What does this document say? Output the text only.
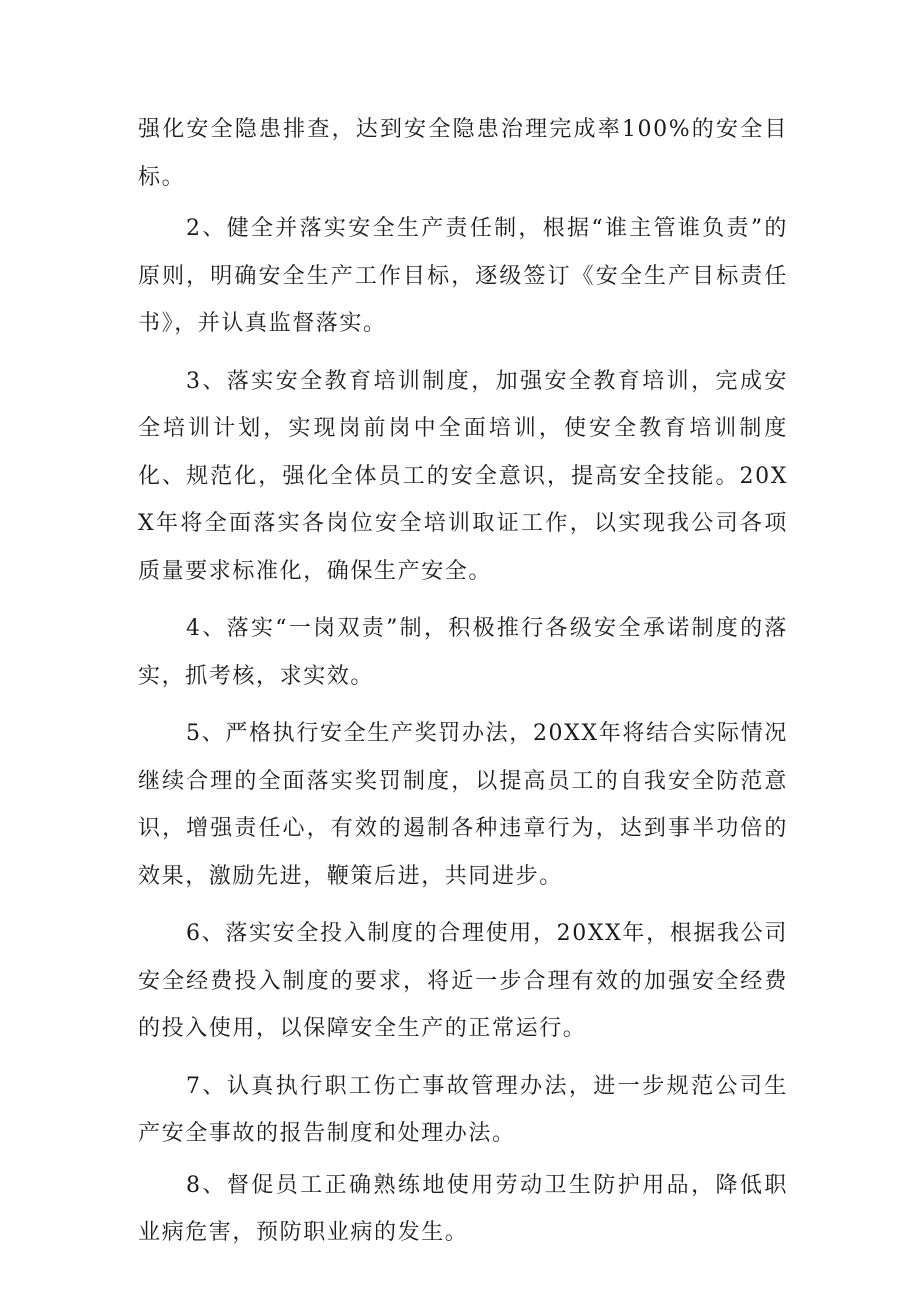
强化安全隐患排查，达到安全隐患治理完成率100%的安全目标。

2、健全并落实安全生产责任制，根据“谁主管谁负责”的原则，明确安全生产工作目标，逐级签订《安全生产目标责任书》，并认真监督落实。

3、落实安全教育培训制度，加强安全教育培训，完成安全培训计划，实现岗前岗中全面培训，使安全教育培训制度化、规范化，强化全体员工的安全意识，提高安全技能。20XX年将全面落实各岗位安全培训取证工作，以实现我公司各项质量要求标准化，确保生产安全。

4、落实“一岗双责”制，积极推行各级安全承诺制度的落实，抓考核，求实效。

5、严格执行安全生产奖罚办法，20XX年将结合实际情况继续合理的全面落实奖罚制度，以提高员工的自我安全防范意识，增强责任心，有效的遏制各种违章行为，达到事半功倍的效果，激励先进，鞭策后进，共同进步。

6、落实安全投入制度的合理使用，20XX年，根据我公司安全经费投入制度的要求，将近一步合理有效的加强安全经费的投入使用，以保障安全生产的正常运行。

7、认真执行职工伤亡事故管理办法，进一步规范公司生产安全事故的报告制度和处理办法。

8、督促员工正确熟练地使用劳动卫生防护用品，降低职业病危害，预防职业病的发生。
